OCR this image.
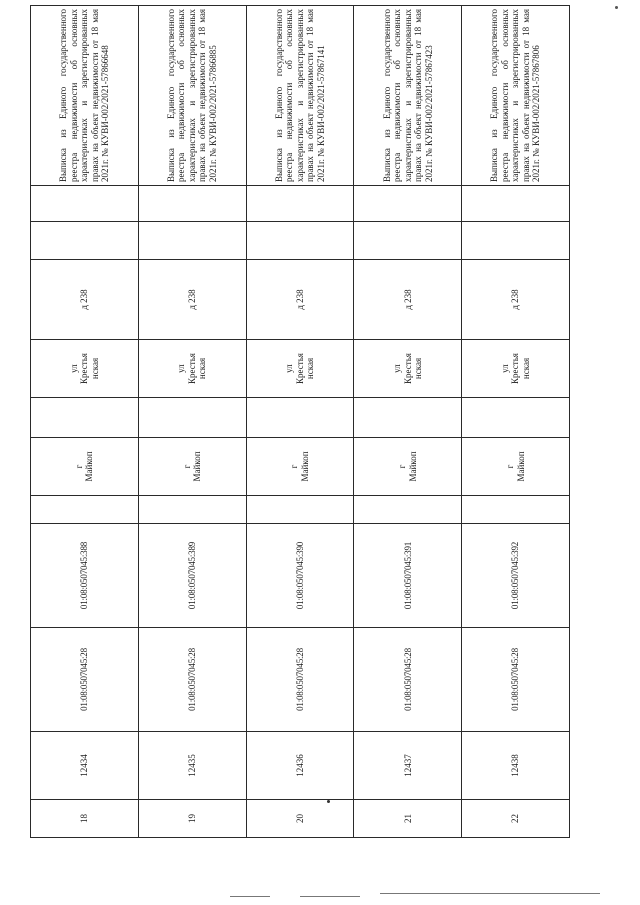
18	12434	01:08:0507045:28	01:08:0507045:388		г Майкоп		ул Крестья нская	д 238			Выписка из Единого государственного реестра недвижимости об основных характеристиках и зарегистрированных правах на объект недвижимости от 18 мая 2021г. № КУВИ-002/2021-57866648
19	12435	01:08:0507045:28	01:08:0507045:389		г Майкоп		ул Крестья нская	д 238			Выписка из Единого государственного реестра недвижимости об основных характеристиках и зарегистрированных правах на объект недвижимости от 18 мая 2021г. № КУВИ-002/2021-57866885
20	12436	01:08:0507045:28	01:08:0507045:390		г Майкоп		ул Крестья нская	д 238			Выписка из Единого государственного реестра недвижимости об основных характеристиках и зарегистрированных правах на объект недвижимости от 18 мая 2021г. № КУВИ-002/2021-57867141
21	12437	01:08:0507045:28	01:08:0507045:391		г Майкоп		ул Крестья нская	д 238			Выписка из Единого государственного реестра недвижимости об основных характеристиках и зарегистрированных правах на объект недвижимости от 18 мая 2021г. № КУВИ-002/2021-57867423
22	12438	01:08:0507045:28	01:08:0507045:392		г Майкоп		ул Крестья нская	д 238			Выписка из Единого государственного реестра недвижимости об основных характеристиках и зарегистрированных правах на объект недвижимости от 18 мая 2021г. № КУВИ-002/2021-57867806
